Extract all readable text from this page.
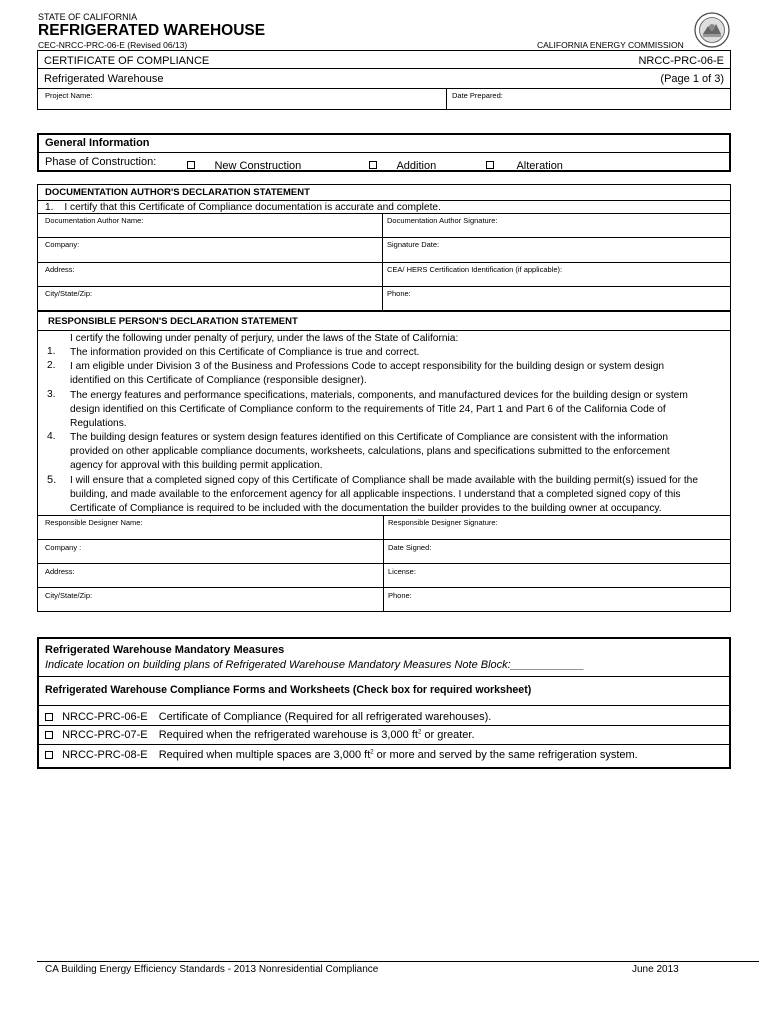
STATE OF CALIFORNIA
REFRIGERATED WAREHOUSE
CEC-NRCC-PRC-06-E (Revised 06/13)	CALIFORNIA ENERGY COMMISSION
CERTIFICATE OF COMPLIANCE	NRCC-PRC-06-E
Refrigerated Warehouse	(Page 1 of 3)
Project Name:	Date Prepared:
General Information
Phase of Construction:	New Construction	Addition	Alteration
DOCUMENTATION AUTHOR'S DECLARATION STATEMENT
1. I certify that this Certificate of Compliance documentation is accurate and complete.
Documentation Author Name:	Documentation Author Signature:
Company:	Signature Date:
Address:	CEA/ HERS Certification Identification (if applicable):
City/State/Zip:	Phone:
RESPONSIBLE PERSON'S DECLARATION STATEMENT
I certify the following under penalty of perjury, under the laws of the State of California:
1. The information provided on this Certificate of Compliance is true and correct.
2. I am eligible under Division 3 of the Business and Professions Code to accept responsibility for the building design or system design
identified on this Certificate of Compliance (responsible designer).
3. The energy features and performance specifications, materials, components, and manufactured devices for the building design or system
design identified on this Certificate of Compliance conform to the requirements of Title 24, Part 1 and Part 6 of the California Code of
Regulations.
4. The building design features or system design features identified on this Certificate of Compliance are consistent with the information
provided on other applicable compliance documents, worksheets, calculations, plans and specifications submitted to the enforcement
agency for approval with this building permit application.
5. I will ensure that a completed signed copy of this Certificate of Compliance shall be made available with the building permit(s) issued for the
building, and made available to the enforcement agency for all applicable inspections. I understand that a completed signed copy of this
Certificate of Compliance is required to be included with the documentation the builder provides to the building owner at occupancy.
Responsible Designer Name:	Responsible Designer Signature:
Company :	Date Signed:
Address:	License:
City/State/Zip:	Phone:
Refrigerated Warehouse Mandatory Measures
Indicate location on building plans of Refrigerated Warehouse Mandatory Measures Note Block:____________
Refrigerated Warehouse Compliance Forms and Worksheets (Check box for required worksheet)
NRCC-PRC-06-E Certificate of Compliance (Required for all refrigerated warehouses).
NRCC-PRC-07-E Required when the refrigerated warehouse is 3,000 $ft^2$ or greater.
NRCC-PRC-08-E Required when multiple spaces are 3,000 $ft^2$ or more and served by the same refrigeration system.
CA Building Energy Efficiency Standards - 2013 Nonresidential Compliance	June 2013
